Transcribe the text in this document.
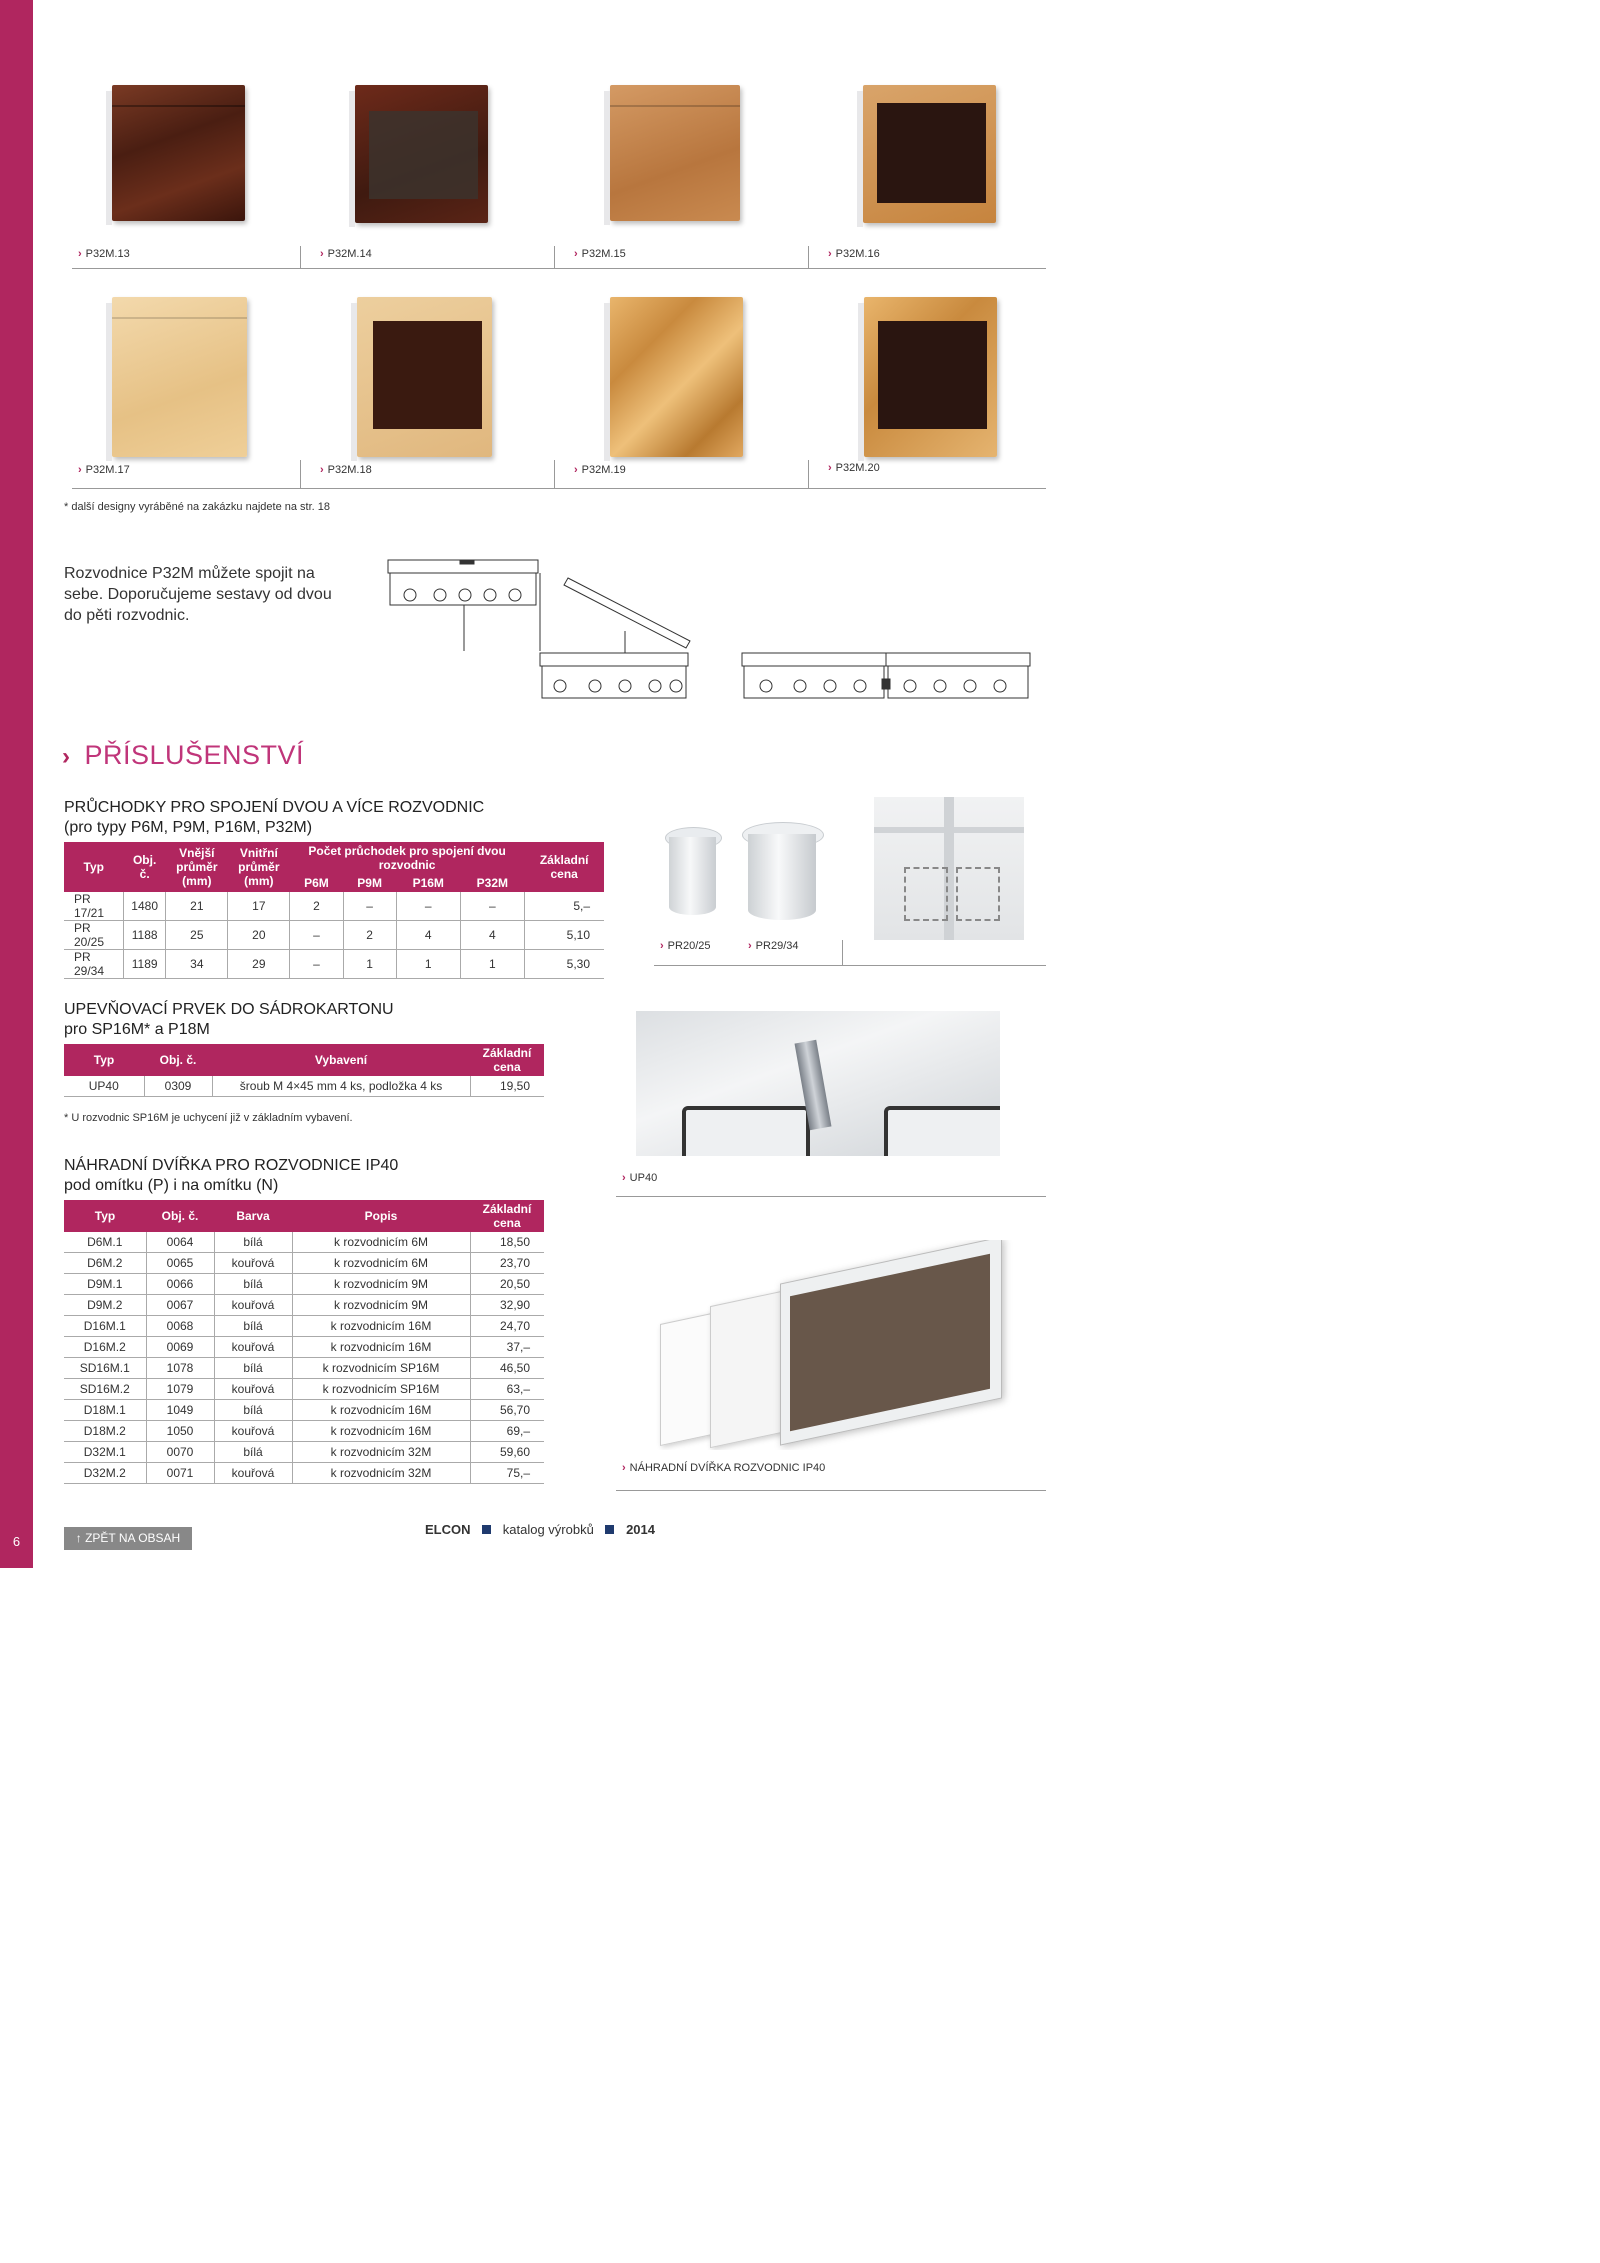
6
› P32M.13	› P32M.14	› P32M.15	› P32M.16
› P32M.17	› P32M.18	› P32M.19	› P32M.20
* další designy vyráběné na zakázku najdete na str. 18
Rozvodnice P32M můžete spojit na sebe. Doporučujeme sestavy od dvou do pěti rozvodnic.
› PŘÍSLUŠENSTVÍ
PRŮCHODKY PRO SPOJENÍ DVOU A VÍCE ROZVODNIC
(pro typy P6M, P9M, P16M, P32M)
Typ	Obj. č.	Vnější průměr (mm)	Vnitřní průměr (mm)	Počet průchodek pro spojení dvou rozvodnic				Základní cena
				P6M	P9M	P16M	P32M	
PR 17/21	1480	21	17	2	–	–	–	5,–
PR 20/25	1188	25	20	–	2	4	4	5,10
PR 29/34	1189	34	29	–	1	1	1	5,30
› PR20/25	› PR29/34
UPEVŇOVACÍ PRVEK DO SÁDROKARTONU
pro SP16M* a P18M
Typ	Obj. č.	Vybavení	Základní cena
UP40	0309	šroub M 4×45 mm 4 ks, podložka 4 ks	19,50
* U rozvodnic SP16M je uchycení již v základním vybavení.
› UP40
NÁHRADNÍ DVÍŘKA PRO ROZVODNICE IP40
pod omítku (P) i na omítku (N)
Typ	Obj. č.	Barva	Popis	Základní cena
D6M.1	0064	bílá	k rozvodnicím 6M	18,50
D6M.2	0065	kouřová	k rozvodnicím 6M	23,70
D9M.1	0066	bílá	k rozvodnicím 9M	20,50
D9M.2	0067	kouřová	k rozvodnicím 9M	32,90
D16M.1	0068	bílá	k rozvodnicím 16M	24,70
D16M.2	0069	kouřová	k rozvodnicím 16M	37,–
SD16M.1	1078	bílá	k rozvodnicím SP16M	46,50
SD16M.2	1079	kouřová	k rozvodnicím SP16M	63,–
D18M.1	1049	bílá	k rozvodnicím 16M	56,70
D18M.2	1050	kouřová	k rozvodnicím 16M	69,–
D32M.1	0070	bílá	k rozvodnicím 32M	59,60
D32M.2	0071	kouřová	k rozvodnicím 32M	75,–	› NÁHRADNÍ DVÍŘKA ROZVODNIC IP40
↑ ZPĚT NA OBSAH
ELCON katalog výrobků 2014
